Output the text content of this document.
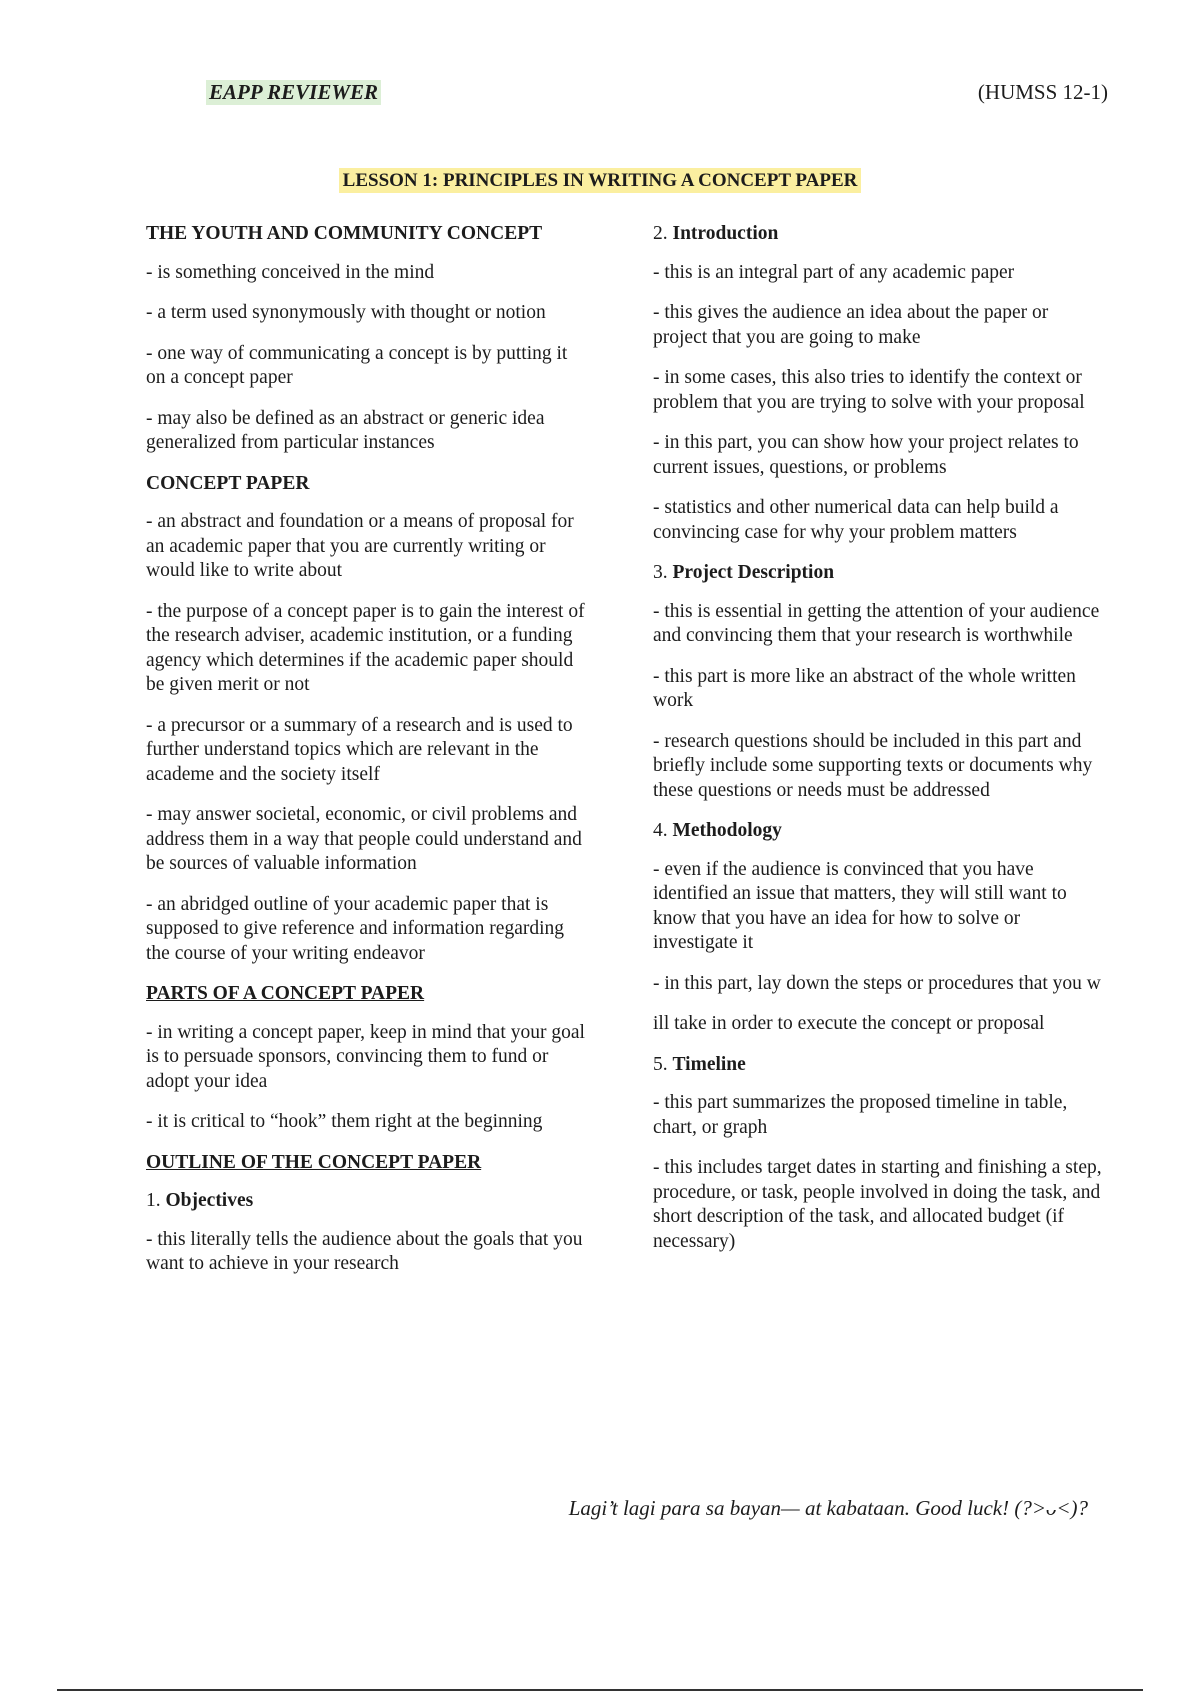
EAPP REVIEWER	(HUMSS 12-1)
LESSON 1: PRINCIPLES IN WRITING A CONCEPT PAPER
THE YOUTH AND COMMUNITY CONCEPT
- is something conceived in the mind
- a term used synonymously with thought or notion
- one way of communicating a concept is by putting it on a concept paper
- may also be defined as an abstract or generic idea generalized from particular instances
CONCEPT PAPER
- an abstract and foundation or a means of proposal for an academic paper that you are currently writing or would like to write about
- the purpose of a concept paper is to gain the interest of the research adviser, academic institution, or a funding agency which determines if the academic paper should be given merit or not
- a precursor or a summary of a research and is used to further understand topics which are relevant in the academe and the society itself
- may answer societal, economic, or civil problems and address them in a way that people could understand and be sources of valuable information
- an abridged outline of your academic paper that is supposed to give reference and information regarding the course of your writing endeavor
PARTS OF A CONCEPT PAPER
- in writing a concept paper, keep in mind that your goal is to persuade sponsors, convincing them to fund or adopt your idea
- it is critical to “hook” them right at the beginning
OUTLINE OF THE CONCEPT PAPER
1. Objectives
- this literally tells the audience about the goals that you want to achieve in your research
2. Introduction
- this is an integral part of any academic paper
- this gives the audience an idea about the paper or project that you are going to make
- in some cases, this also tries to identify the context or problem that you are trying to solve with your proposal
- in this part, you can show how your project relates to current issues, questions, or problems
- statistics and other numerical data can help build a convincing case for why your problem matters
3. Project Description
- this is essential in getting the attention of your audience and convincing them that your research is worthwhile
- this part is more like an abstract of the whole written work
- research questions should be included in this part and briefly include some supporting texts or documents why these questions or needs must be addressed
4. Methodology
- even if the audience is convinced that you have identified an issue that matters, they will still want to know that you have an idea for how to solve or investigate it
- in this part, lay down the steps or procedures that you w
ill take in order to execute the concept or proposal
5. Timeline
- this part summarizes the proposed timeline in table, chart, or graph
- this includes target dates in starting and finishing a step, procedure, or task, people involved in doing the task, and short description of the task, and allocated budget (if necessary)
Lagi’t lagi para sa bayan— at kabataan. Good luck! (?>ᴗ<)?
